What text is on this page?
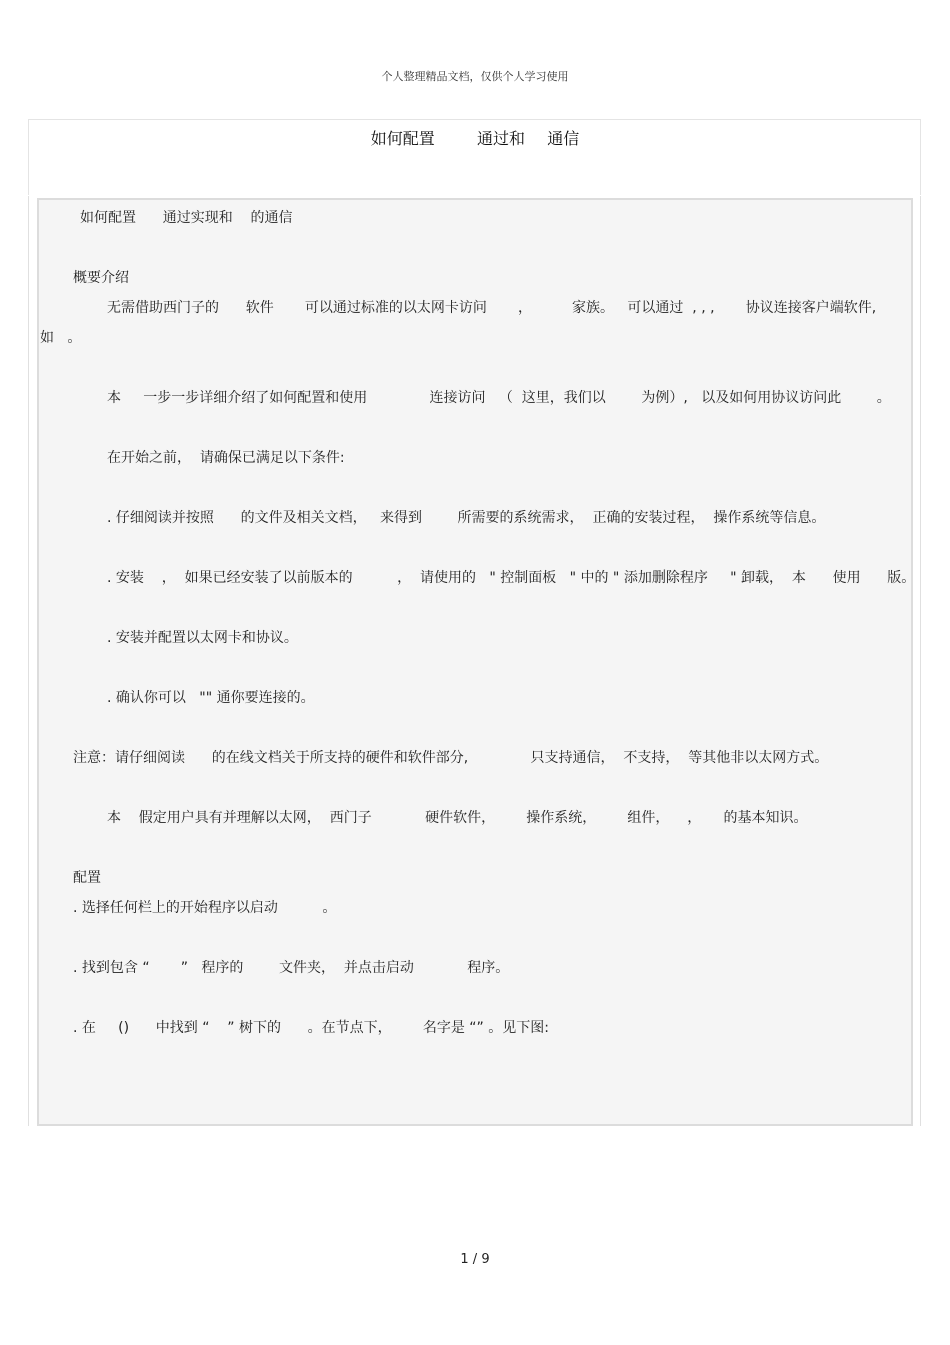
个人整理精品文档，仅供个人学习使用
如何配置	通过和 通信
如何配置      通过实现和    的通信
概要介绍
无需借助西门子的      软件       可以通过标准的以太网卡访问       ，         家族。   可以通过  , , ,       协议连接客户端软件,
如   。
本     一步一步详细介绍了如何配置和使用              连接访问   （  这里，我们以        为例）,   以及如何用协议访问此        。
在开始之前，  请确保已满足以下条件:
. 仔细阅读并按照      的文件及相关文档，   来得到        所需要的系统需求，  正确的安装过程，  操作系统等信息。
. 安装    ，  如果已经安装了以前版本的          ，  请使用的   " 控制面板   " 中的 " 添加删除程序     " 卸载，  本      使用      版。
. 安装并配置以太网卡和协议。
. 确认你可以   "" 通你要连接的。
注意：请仔细阅读      的在线文档关于所支持的硬件和软件部分,              只支持通信，  不支持，  等其他非以太网方式。
本    假定用户具有并理解以太网，  西门子            硬件软件，       操作系统，       组件，    ，     的基本知识。
配置
. 选择任何栏上的开始程序以启动          。
. 找到包含 “       ”   程序的        文件夹，  并点击启动            程序。
. 在     ()      中找到 “    ” 树下的      。在节点下，       名字是 “” 。见下图:
1 / 9
